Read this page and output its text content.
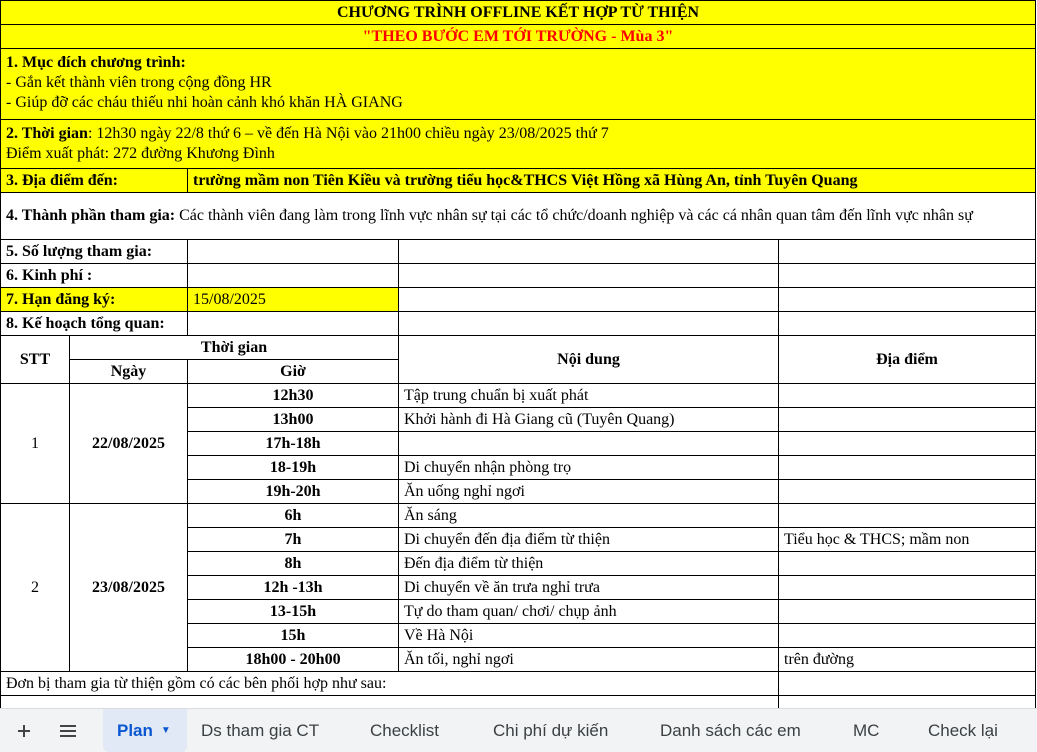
CHƯƠNG TRÌNH OFFLINE KẾT HỢP TỪ THIỆN				
"THEO BƯỚC EM TỚI TRƯỜNG - Mùa 3"				

1. Mục đích chương trình:
- Gắn kết thành viên trong cộng đồng HR
- Giúp đỡ các cháu thiếu nhi hoàn cảnh khó khăn HÀ GIANG				

2. Thời gian: 12h30 ngày 22/8 thứ 6 – về đến Hà Nội vào 21h00 chiều ngày 23/08/2025 thứ 7
Điểm xuất phát: 272 đường Khương Đình				

3. Địa điểm đến:		trường mầm non Tiên Kiều và trường tiểu học&THCS Việt Hồng xã Hùng An, tỉnh Tuyên Quang		
4. Thành phần tham gia: Các thành viên đang làm trong lĩnh vực nhân sự tại các tổ chức/doanh nghiệp và các cá nhân quan tâm đến lĩnh vực nhân sự				
5. Số lượng tham gia:				
6. Kinh phí :				
7. Hạn đăng ký:		15/08/2025		
8. Kế hoạch tổng quan:				
STT	Thời gian		Nội dung	Địa điểm
	Ngày	Giờ		
1	22/08/2025	12h30	Tập trung chuẩn bị xuất phát	
		13h00	Khởi hành đi Hà Giang cũ (Tuyên Quang)	
		17h-18h		
		18-19h	Di chuyển nhận phòng trọ	
		19h-20h	Ăn uống nghỉ ngơi	
2	23/08/2025	6h	Ăn sáng	
		7h	Di chuyển đến địa điểm từ thiện	Tiểu học & THCS; mầm non
		8h	Đến địa điểm từ thiện	
		12h -13h	Di chuyển về ăn trưa nghỉ trưa	
		13-15h	Tự do tham quan/ chơi/ chụp ảnh	
		15h	Về Hà Nội	
		18h00 - 20h00	Ăn tối, nghỉ ngơi	trên đường
Đơn bị tham gia từ thiện gồm có các bên phối hợp như sau:				

Plan ▼ Ds tham gia CT	Checklist	Chi phí dự kiến	Danh sách các em	MC	Check lại
